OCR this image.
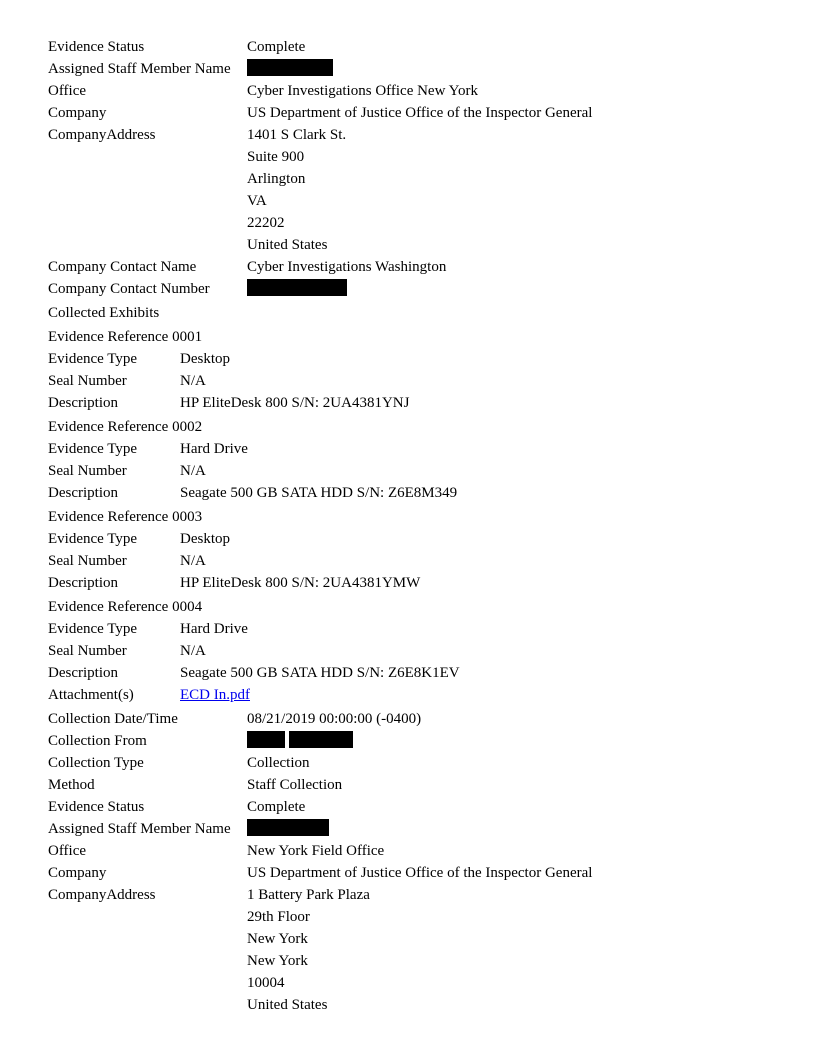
Evidence Status	Complete
Assigned Staff Member Name
Office	Cyber Investigations Office New York
Company	US Department of Justice Office of the Inspector General
CompanyAddress	1401 S Clark St.
Suite 900
Arlington
VA
22202
United States
Company Contact Name	Cyber Investigations Washington
Company Contact Number
Collected Exhibits
Evidence Reference 0001
Evidence Type	Desktop
Seal Number	N/A
Description	HP EliteDesk 800 S/N: 2UA4381YNJ
Evidence Reference 0002
Evidence Type	Hard Drive
Seal Number	N/A
Description	Seagate 500 GB SATA HDD S/N: Z6E8M349
Evidence Reference 0003
Evidence Type	Desktop
Seal Number	N/A
Description	HP EliteDesk 800 S/N: 2UA4381YMW
Evidence Reference 0004
Evidence Type	Hard Drive
Seal Number	N/A
Description	Seagate 500 GB SATA HDD S/N: Z6E8K1EV
Attachment(s)	ECD In.pdf
Collection Date/Time	08/21/2019 00:00:00 (-0400)
Collection From
Collection Type	Collection
Method	Staff Collection
Evidence Status	Complete
Assigned Staff Member Name
Office	New York Field Office
Company	US Department of Justice Office of the Inspector General
CompanyAddress	1 Battery Park Plaza
29th Floor
New York
New York
10004
United States
